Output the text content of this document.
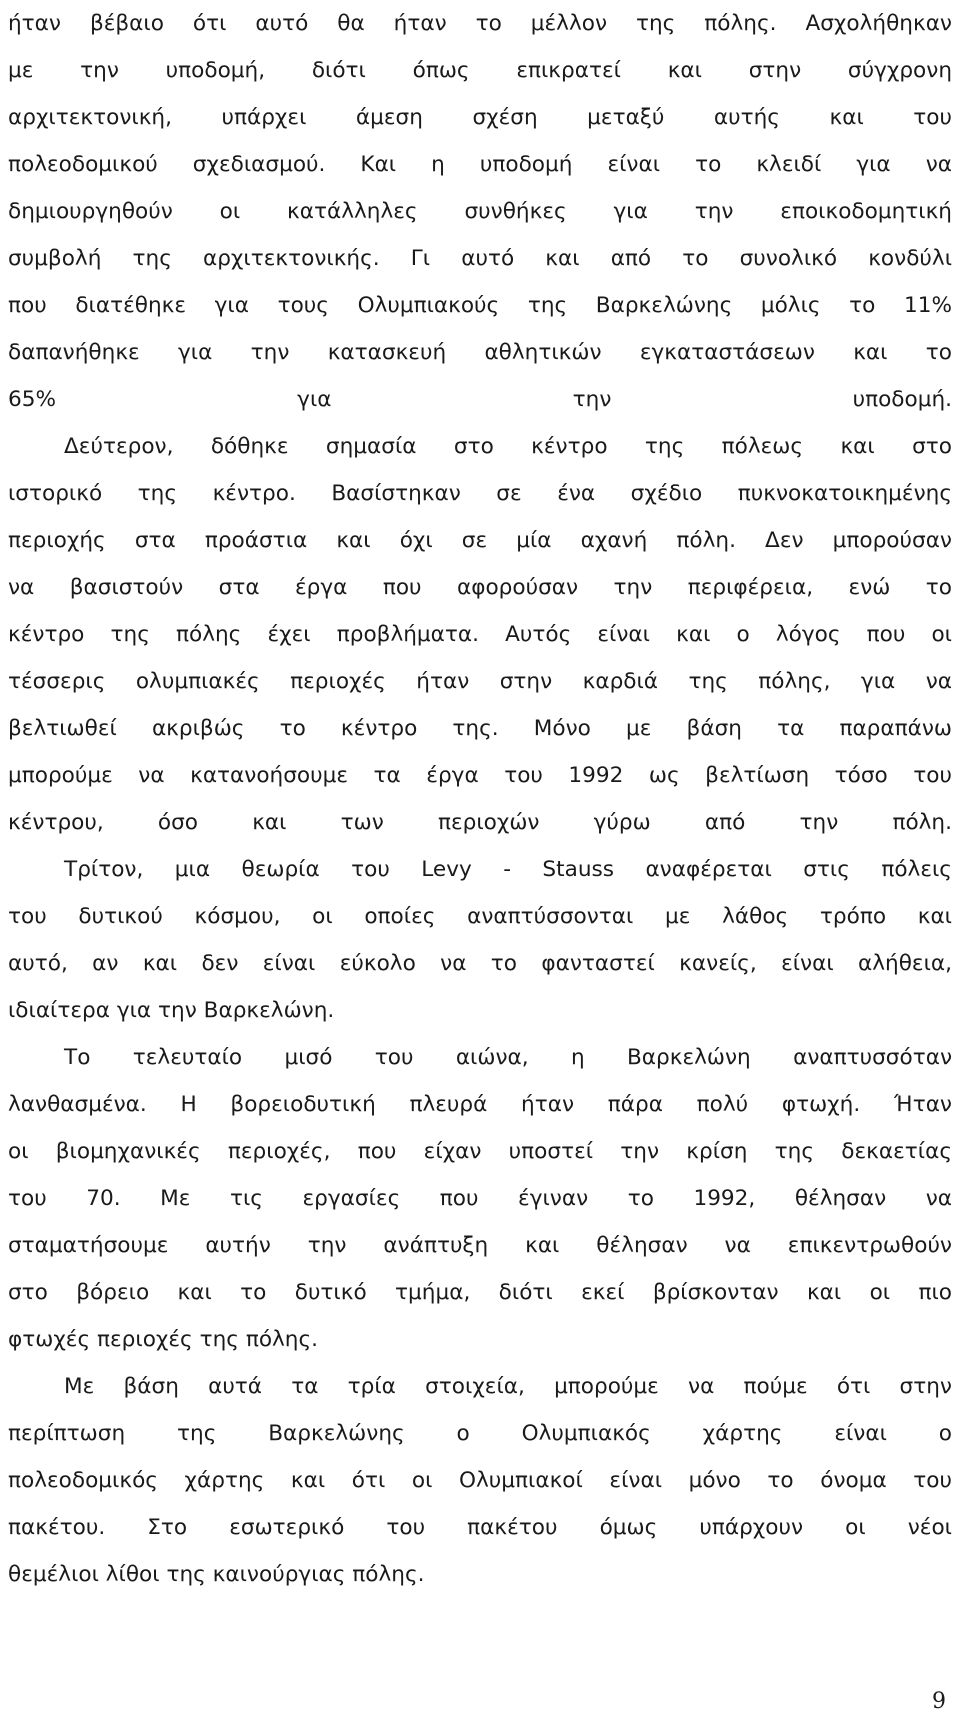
ήταν βέβαιο ότι αυτό θα ήταν το μέλλον της πόλης. Ασχολήθηκαν
με την υποδομή, διότι όπως επικρατεί και στην σύγχρονη
αρχιτεκτονική, υπάρχει άμεση σχέση μεταξύ αυτής και του
πολεοδομικού σχεδιασμού. Και η υποδομή είναι το κλειδί για να
δημιουργηθούν οι κατάλληλες συνθήκες για την εποικοδομητική
συμβολή της αρχιτεκτονικής. Γι αυτό και από το συνολικό κονδύλι
που διατέθηκε για τους Ολυμπιακούς της Βαρκελώνης μόλις το 11%
δαπανήθηκε για την κατασκευή αθλητικών εγκαταστάσεων και το
65% για την υποδομή.
Δεύτερον, δόθηκε σημασία στο κέντρο της πόλεως και στο
ιστορικό της κέντρο. Βασίστηκαν σε ένα σχέδιο πυκνοκατοικημένης
περιοχής στα προάστια και όχι σε μία αχανή πόλη. Δεν μπορούσαν
να βασιστούν στα έργα που αφορούσαν την περιφέρεια, ενώ το
κέντρο της πόλης έχει προβλήματα. Αυτός είναι και ο λόγος που οι
τέσσερις ολυμπιακές περιοχές ήταν στην καρδιά της πόλης, για να
βελτιωθεί ακριβώς το κέντρο της. Μόνο με βάση τα παραπάνω
μπορούμε να κατανοήσουμε τα έργα του 1992 ως βελτίωση τόσο του
κέντρου, όσο και των περιοχών γύρω από την πόλη.
Τρίτον, μια θεωρία του Levy - Stauss αναφέρεται στις πόλεις
του δυτικού κόσμου, οι οποίες αναπτύσσονται με λάθος τρόπο και
αυτό, αν και δεν είναι εύκολο να το φανταστεί κανείς, είναι αλήθεια,
ιδιαίτερα για την Βαρκελώνη.
Το τελευταίο μισό του αιώνα, η Βαρκελώνη αναπτυσσόταν
λανθασμένα. Η βορειοδυτική πλευρά ήταν πάρα πολύ φτωχή. Ήταν
οι βιομηχανικές περιοχές, που είχαν υποστεί την κρίση της δεκαετίας
του 70. Με τις εργασίες που έγιναν το 1992, θέλησαν να
σταματήσουμε αυτήν την ανάπτυξη και θέλησαν να επικεντρωθούν
στο βόρειο και το δυτικό τμήμα, διότι εκεί βρίσκονταν και οι πιο
φτωχές περιοχές της πόλης.
Με βάση αυτά τα τρία στοιχεία, μπορούμε να πούμε ότι στην
περίπτωση της Βαρκελώνης ο Ολυμπιακός χάρτης είναι ο
πολεοδομικός χάρτης και ότι οι Ολυμπιακοί είναι μόνο το όνομα του
πακέτου. Στο εσωτερικό του πακέτου όμως υπάρχουν οι νέοι
θεμέλιοι λίθοι της καινούργιας πόλης.
9
